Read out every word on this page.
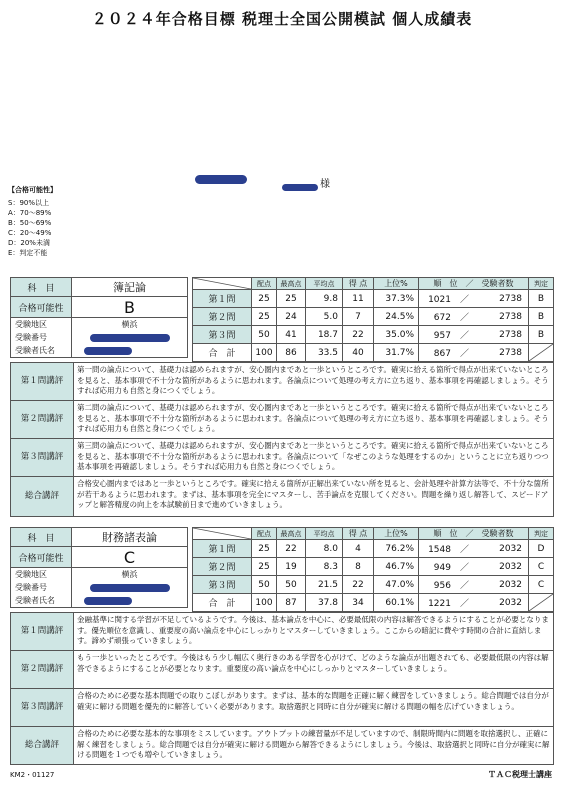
２０２４年合格目標 税理士全国公開模試 個人成績表
様
【合格可能性】
S：90%以上
A：70〜89%
B：50〜69%
C：20〜49%
D：20%未満
E：判定不能
科　目	簿記論
合格可能性	B
受験地区	横浜
受験番号	

受験者氏名	
	配点	最高点	平均点	得 点	上位%	順　位　／　受験者数		判定
第１問	25	25	9.8	11	37.3%	1021　／	2738	B
第２問	25	24	5.0	7	24.5%	672　／	2738	B
第３問	50	41	18.7	22	35.0%	957　／	2738	B
合　計	100	86	33.5	40	31.7%	867　／	2738	
第１問講評	第一問の論点について、基礎力は認められますが、安心圏内まであと一歩というところです。確実に拾える箇所で得点が出来ていないところを見ると、基本事項で不十分な箇所があるように思われます。各論点について処理の考え方に立ち返り、基本事項を再確認しましょう。そうすれば応用力も自然と身につくでしょう。
第２問講評	第二問の論点について、基礎力は認められますが、安心圏内まであと一歩というところです。確実に拾える箇所で得点が出来ていないところを見ると、基本事項で不十分な箇所があるように思われます。各論点について処理の考え方に立ち返り、基本事項を再確認しましょう。そうすれば応用力も自然と身につくでしょう。
第３問講評	第三問の論点について、基礎力は認められますが、安心圏内まであと一歩というところです。確実に拾える箇所で得点が出来ていないところを見ると、基本事項で不十分な箇所があるように思われます。各論点について「なぜこのような処理をするのか」ということに立ち返りつつ基本事項を再確認しましょう。そうすれば応用力も自然と身につくでしょう。
総合講評	合格安心圏内まではあと一歩というところです。確実に拾える箇所が正解出来ていない所を見ると、会計処理や計算方法等で、不十分な箇所が若干あるように思われます。まずは、基本事項を完全にマスターし、苦手論点を克服してください。問題を繰り返し解答して、スピードアップと解答精度の向上を本試験前日まで進めていきましょう。
科　目	財務諸表論
合格可能性	C
受験地区	横浜
受験番号	

受験者氏名	
	配点	最高点	平均点	得 点	上位%	順　位　／　受験者数		判定
第１問	25	22	8.0	4	76.2%	1548　／	2032	D
第２問	25	19	8.3	8	46.7%	949　／	2032	C
第３問	50	50	21.5	22	47.0%	956　／	2032	C
合　計	100	87	37.8	34	60.1%	1221　／	2032	
第１問講評	金融基準に関する学習が不足しているようです。今後は、基本論点を中心に、必要最低限の内容は解答できるようにすることが必要となります。優先順位を意識し、重要度の高い論点を中心にしっかりとマスターしていきましょう。ここからの暗記に費やす時間の合計に直結します。諦めず頑張っていきましょう。
第２問講評	もう一歩といったところです。今後はもう少し幅広く奥行きのある学習を心がけて、どのような論点が出題されても、必要最低限の内容は解答できるようにすることが必要となります。重要度の高い論点を中心にしっかりとマスターしていきましょう。
第３問講評	合格のために必要な基本問題での取りこぼしがあります。まずは、基本的な問題を正確に解く練習をしていきましょう。総合問題では自分が確実に解ける問題を優先的に解答していく必要があります。取捨選択と同時に自分が確実に解ける問題の幅を広げていきましょう。
総合講評	合格のために必要な基本的な事項をミスしています。アウトプットの練習量が不足していますので、制限時間内に問題を取捨選択し、正確に解く練習をしましょう。総合問題では自分が確実に解ける問題から解答できるようにしましょう。今後は、取捨選択と同時に自分が確実に解ける問題を１つでも増やしていきましょう。
KM2・01127	ＴＡＣ税理士講座
